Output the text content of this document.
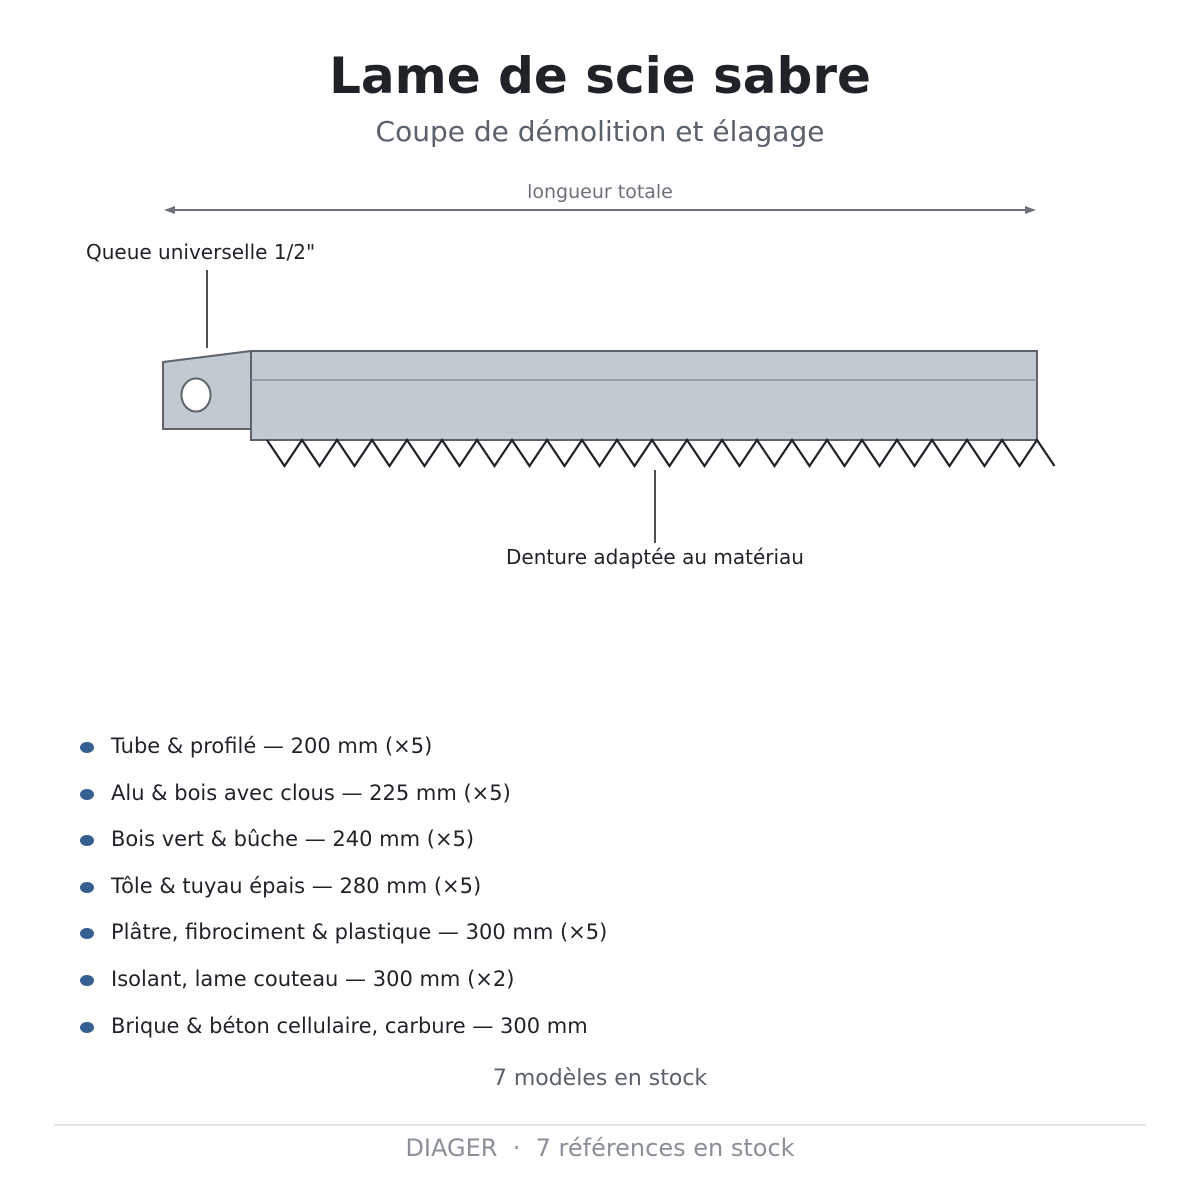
Lame de scie sabre
Coupe de démolition et élagage
longueur totale
Queue universelle 1/2"
Denture adaptée au matériau
Tube & profilé — 200 mm (×5)
Alu & bois avec clous — 225 mm (×5)
Bois vert & bûche — 240 mm (×5)
Tôle & tuyau épais — 280 mm (×5)
Plâtre, fibrociment & plastique — 300 mm (×5)
Isolant, lame couteau — 300 mm (×2)
Brique & béton cellulaire, carbure — 300 mm
7 modèles en stock
DIAGER · 7 références en stock
